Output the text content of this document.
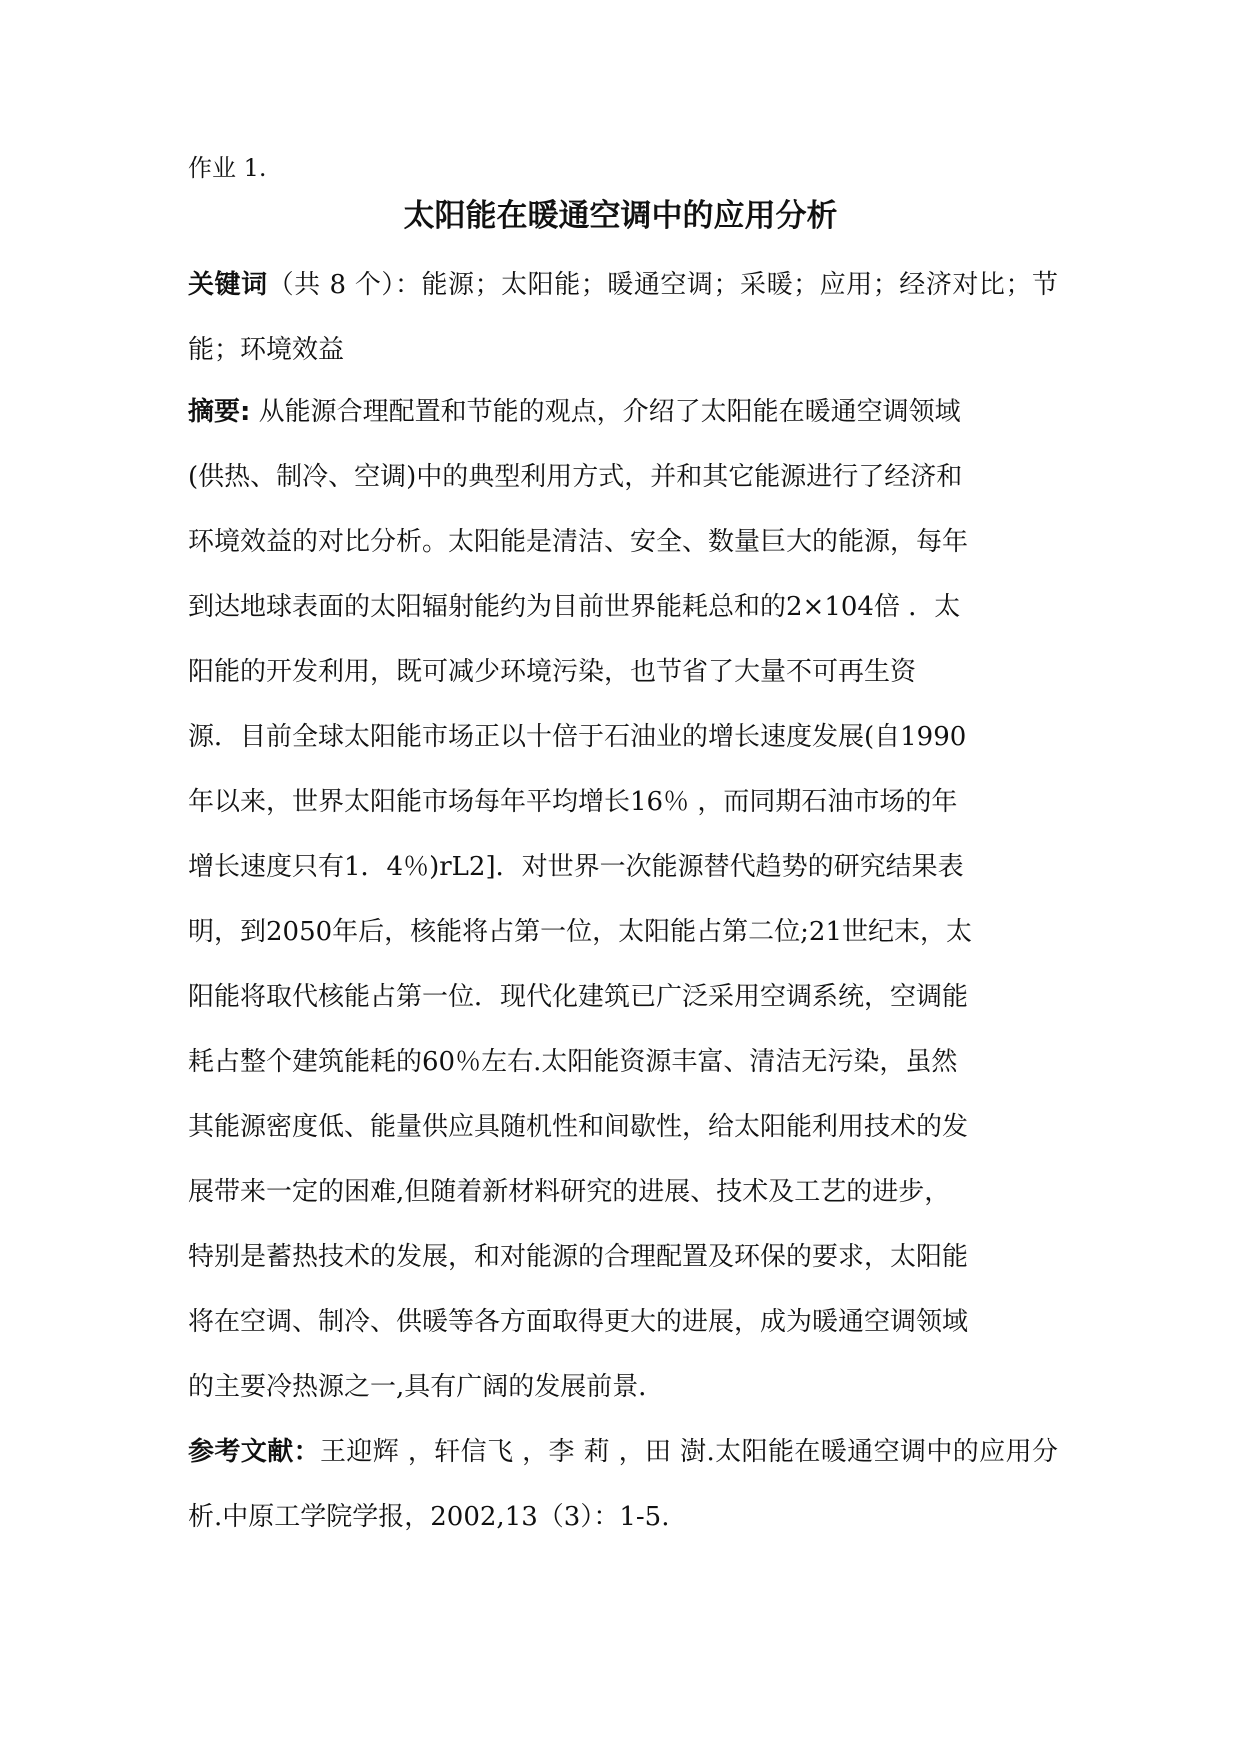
作业 1.

太阳能在暖通空调中的应用分析

关键词（共 8 个）：能源；太阳能；暖通空调；采暖；应用；经济对比；节能；环境效益

摘要: 从能源合理配置和节能的观点，介绍了太阳能在暖通空调领域
(供热、制冷、空调)中的典型利用方式，并和其它能源进行了经济和
环境效益的对比分析。太阳能是清洁、安全、数量巨大的能源，每年
到达地球表面的太阳辐射能约为目前世界能耗总和的2×104倍 ．太
阳能的开发利用，既可减少环境污染，也节省了大量不可再生资
源．目前全球太阳能市场正以十倍于石油业的增长速度发展(自1990
年以来，世界太阳能市场每年平均增长16％ ，而同期石油市场的年
增长速度只有1．4％)rL2]．对世界一次能源替代趋势的研究结果表
明，到2050年后，核能将占第一位，太阳能占第二位;21世纪末，太
阳能将取代核能占第一位．现代化建筑已广泛采用空调系统，空调能
耗占整个建筑能耗的60％左右.太阳能资源丰富、清洁无污染，虽然
其能源密度低、能量供应具随机性和间歇性，给太阳能利用技术的发
展带来一定的困难,但随着新材料研究的进展、技术及工艺的进步，
特别是蓄热技术的发展，和对能源的合理配置及环保的要求，太阳能
将在空调、制冷、供暖等各方面取得更大的进展，成为暖通空调领域
的主要冷热源之一,具有广阔的发展前景．

参考文献：王迎辉 ，轩信飞 ，李 莉 ，田 澍.太阳能在暖通空调中的应用分析.中原工学院学报，2002,13（3）：1-5.
